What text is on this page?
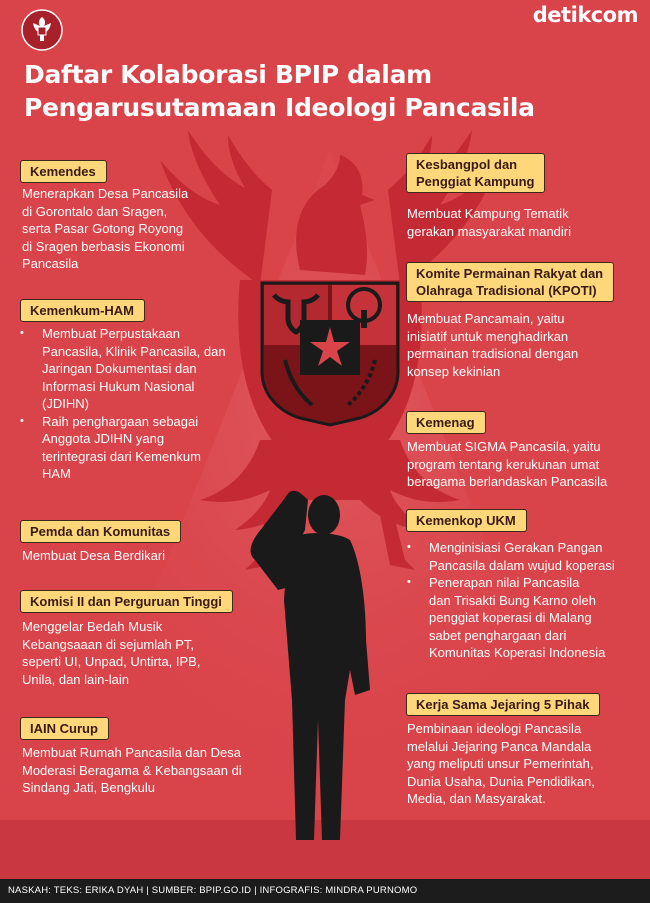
detikcom
Daftar Kolaborasi BPIP dalam
Pengarusutamaan Ideologi Pancasila
Kemendes

Menerapkan Desa Pancasila

di Gorontalo dan Sragen,

serta Pasar Gotong Royong

di Sragen berbasis Ekonomi

Pancasila

Kemenkum-HAM
• Membuat Perpustakaan
Pancasila, Klinik Pancasila, dan
Jaringan Dokumentasi dan
Informasi Hukum Nasional
(JDIHN)
• Raih penghargaan sebagai
Anggota JDIHN yang
terintegrasi dari Kemenkum
HAM
Pemda dan Komunitas

Membuat Desa Berdikari

Komisi II dan Perguruan Tinggi

Menggelar Bedah Musik

Kebangsaaan di sejumlah PT,

seperti UI, Unpad, Untirta, IPB,

Unila, dan lain-lain

IAIN Curup

Membuat Rumah Pancasila dan Desa

Moderasi Beragama & Kebangsaan di

Sindang Jati, Bengkulu

Kesbangpol dan
Penggiat Kampung

Membuat Kampung Tematik

gerakan masyarakat mandiri

Komite Permainan Rakyat dan
Olahraga Tradisional (KPOTI)

Membuat Pancamain, yaitu

inisiatif untuk menghadirkan

permainan tradisional dengan

konsep kekinian

Kemenag

Membuat SIGMA Pancasila, yaitu

program tentang kerukunan umat

beragama berlandaskan Pancasila

Kemenkop UKM
• Menginisiasi Gerakan Pangan
Pancasila dalam wujud koperasi
• Penerapan nilai Pancasila
dan Trisakti Bung Karno oleh
penggiat koperasi di Malang
sabet penghargaan dari
Komunitas Koperasi Indonesia
Kerja Sama Jejaring 5 Pihak

Pembinaan ideologi Pancasila

melalui Jejaring Panca Mandala

yang meliputi unsur Pemerintah,

Dunia Usaha, Dunia Pendidikan,

Media, dan Masyarakat.

NASKAH: TEKS: ERIKA DYAH | SUMBER: BPIP.GO.ID | INFOGRAFIS: MINDRA PURNOMO
